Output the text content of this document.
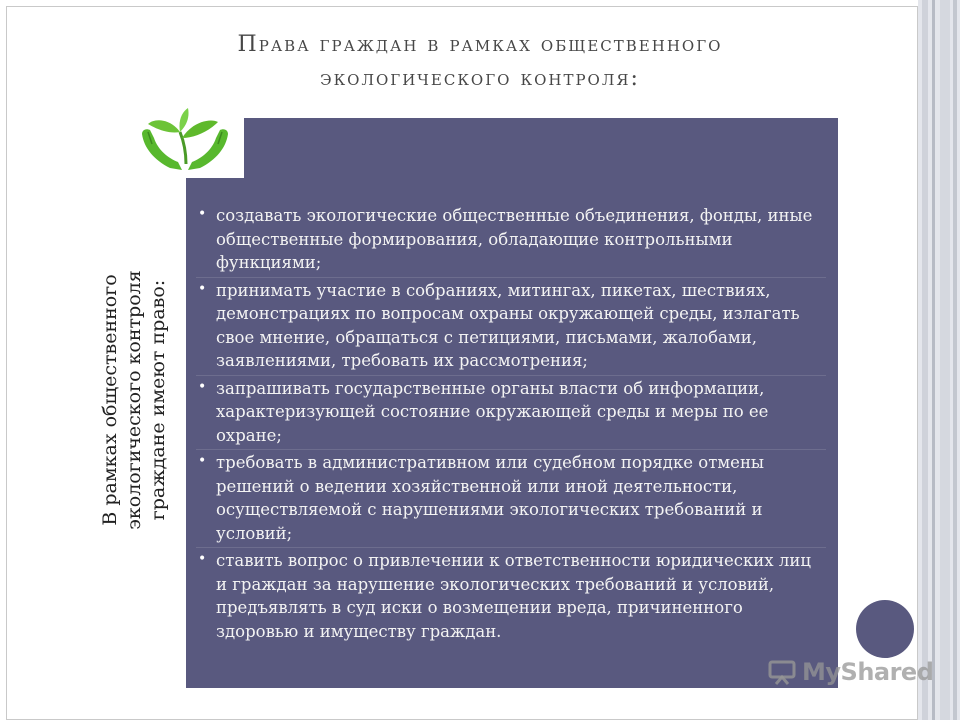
Права граждан в рамках общественного
экологического контроля:
В рамках общественного
экологического контроля
граждане имеют право:
• создавать экологические общественные объединения, фонды, иные общественные формирования, обладающие контрольными функциями;
• принимать участие в собраниях, митингах, пикетах, шествиях, демонстрациях по вопросам охраны окружающей среды, излагать свое мнение, обращаться с петициями, письмами, жалобами, заявлениями, требовать их рассмотрения;
• запрашивать государственные органы власти об информации, характеризующей состояние окружающей среды и меры по ее охране;
• требовать в административном или судебном порядке отмены решений о ведении хозяйственной или иной деятельности, осуществляемой с нарушениями экологических требований и условий;
• ставить вопрос о привлечении к ответственности юридических лиц и граждан за нарушение экологических требований и условий, предъявлять в суд иски о возмещении вреда, причиненного здоровью и имуществу граждан.
MyShared
